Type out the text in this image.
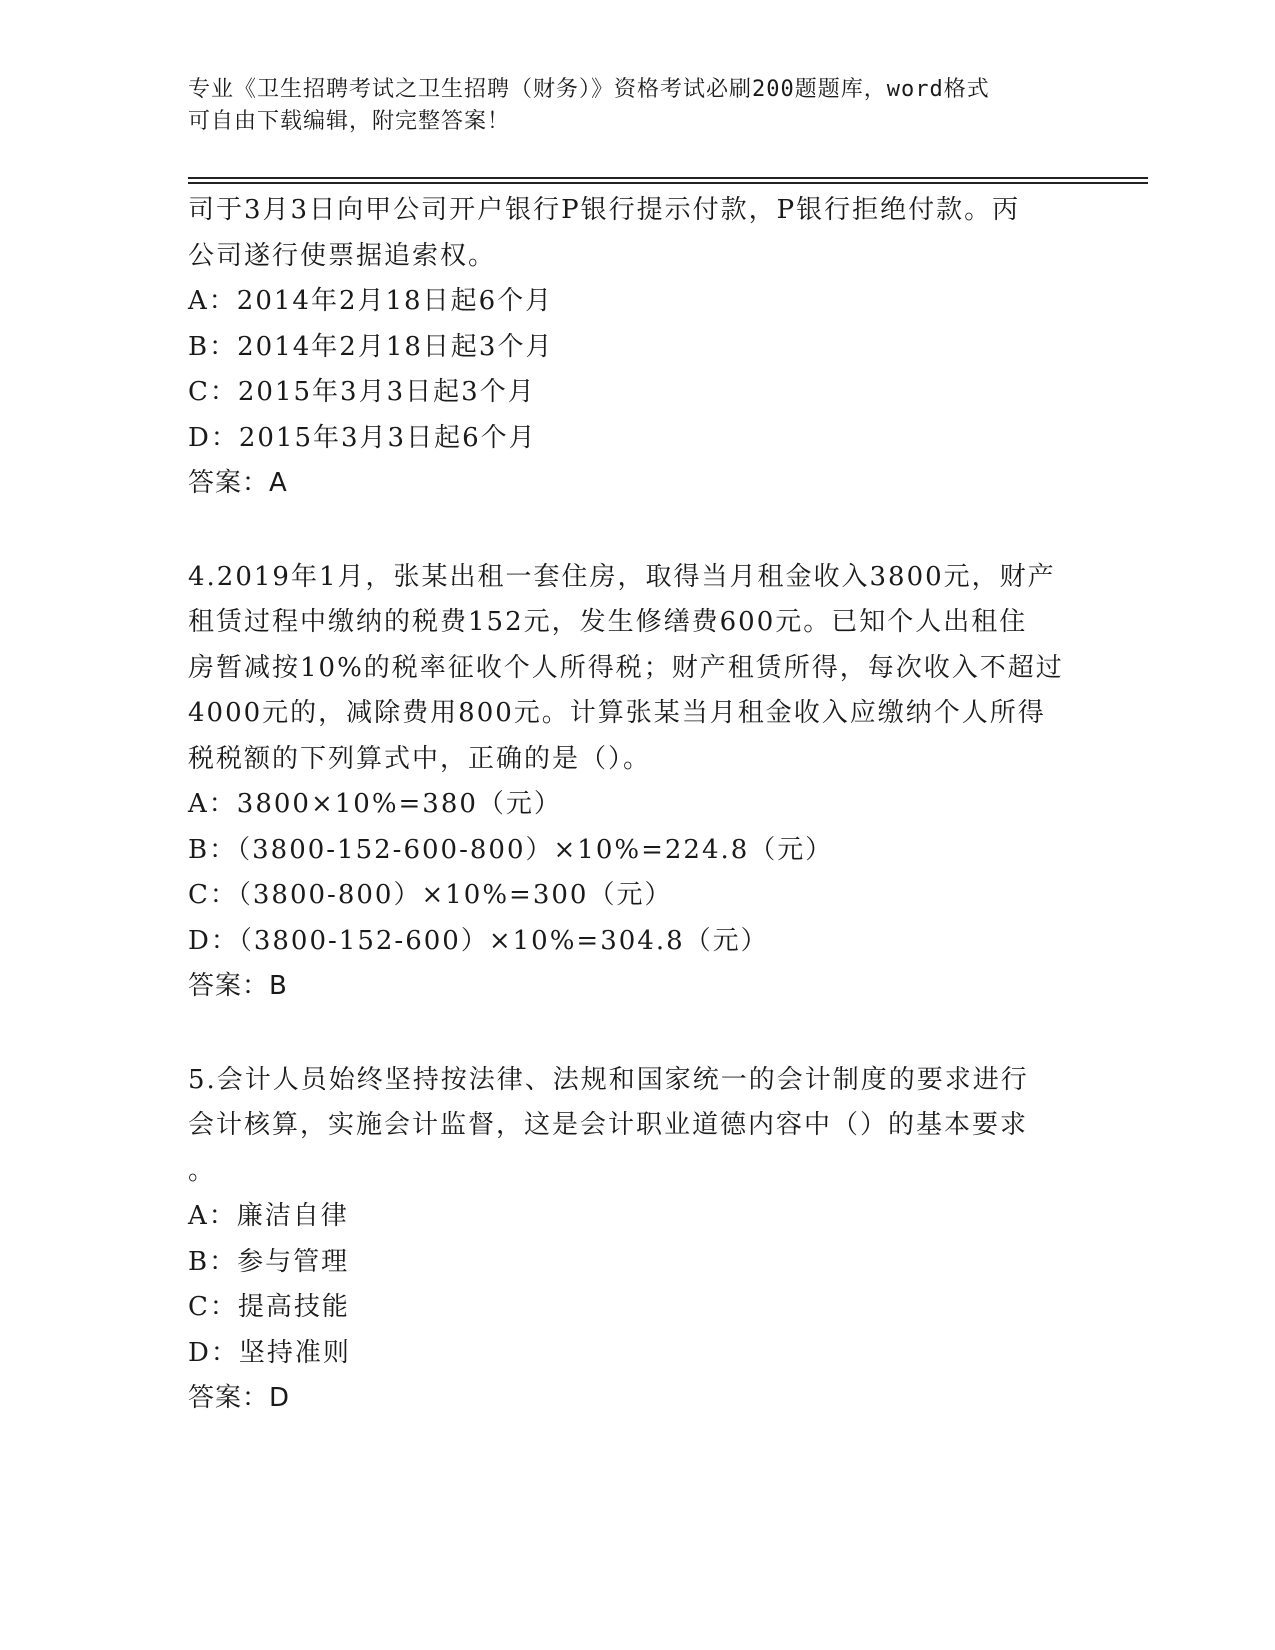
专业《卫生招聘考试之卫生招聘（财务）》资格考试必刷200题题库，word格式
可自由下载编辑，附完整答案！
司于3月3日向甲公司开户银行P银行提示付款，P银行拒绝付款。丙
公司遂行使票据追索权。
A：2014年2月18日起6个月
B：2014年2月18日起3个月
C：2015年3月3日起3个月
D：2015年3月3日起6个月
答案：A
4.2019年1月，张某出租一套住房，取得当月租金收入3800元，财产
租赁过程中缴纳的税费152元，发生修缮费600元。已知个人出租住
房暂减按10%的税率征收个人所得税；财产租赁所得，每次收入不超过
4000元的，减除费用800元。计算张某当月租金收入应缴纳个人所得
税税额的下列算式中，正确的是（）。
A：3800×10%=380（元）
B：（3800-152-600-800）×10%=224.8（元）
C：（3800-800）×10%=300（元）
D：（3800-152-600）×10%=304.8（元）
答案：B
5.会计人员始终坚持按法律、法规和国家统一的会计制度的要求进行
会计核算，实施会计监督，这是会计职业道德内容中（）的基本要求
。
A：廉洁自律
B：参与管理
C：提高技能
D：坚持准则
答案：D
